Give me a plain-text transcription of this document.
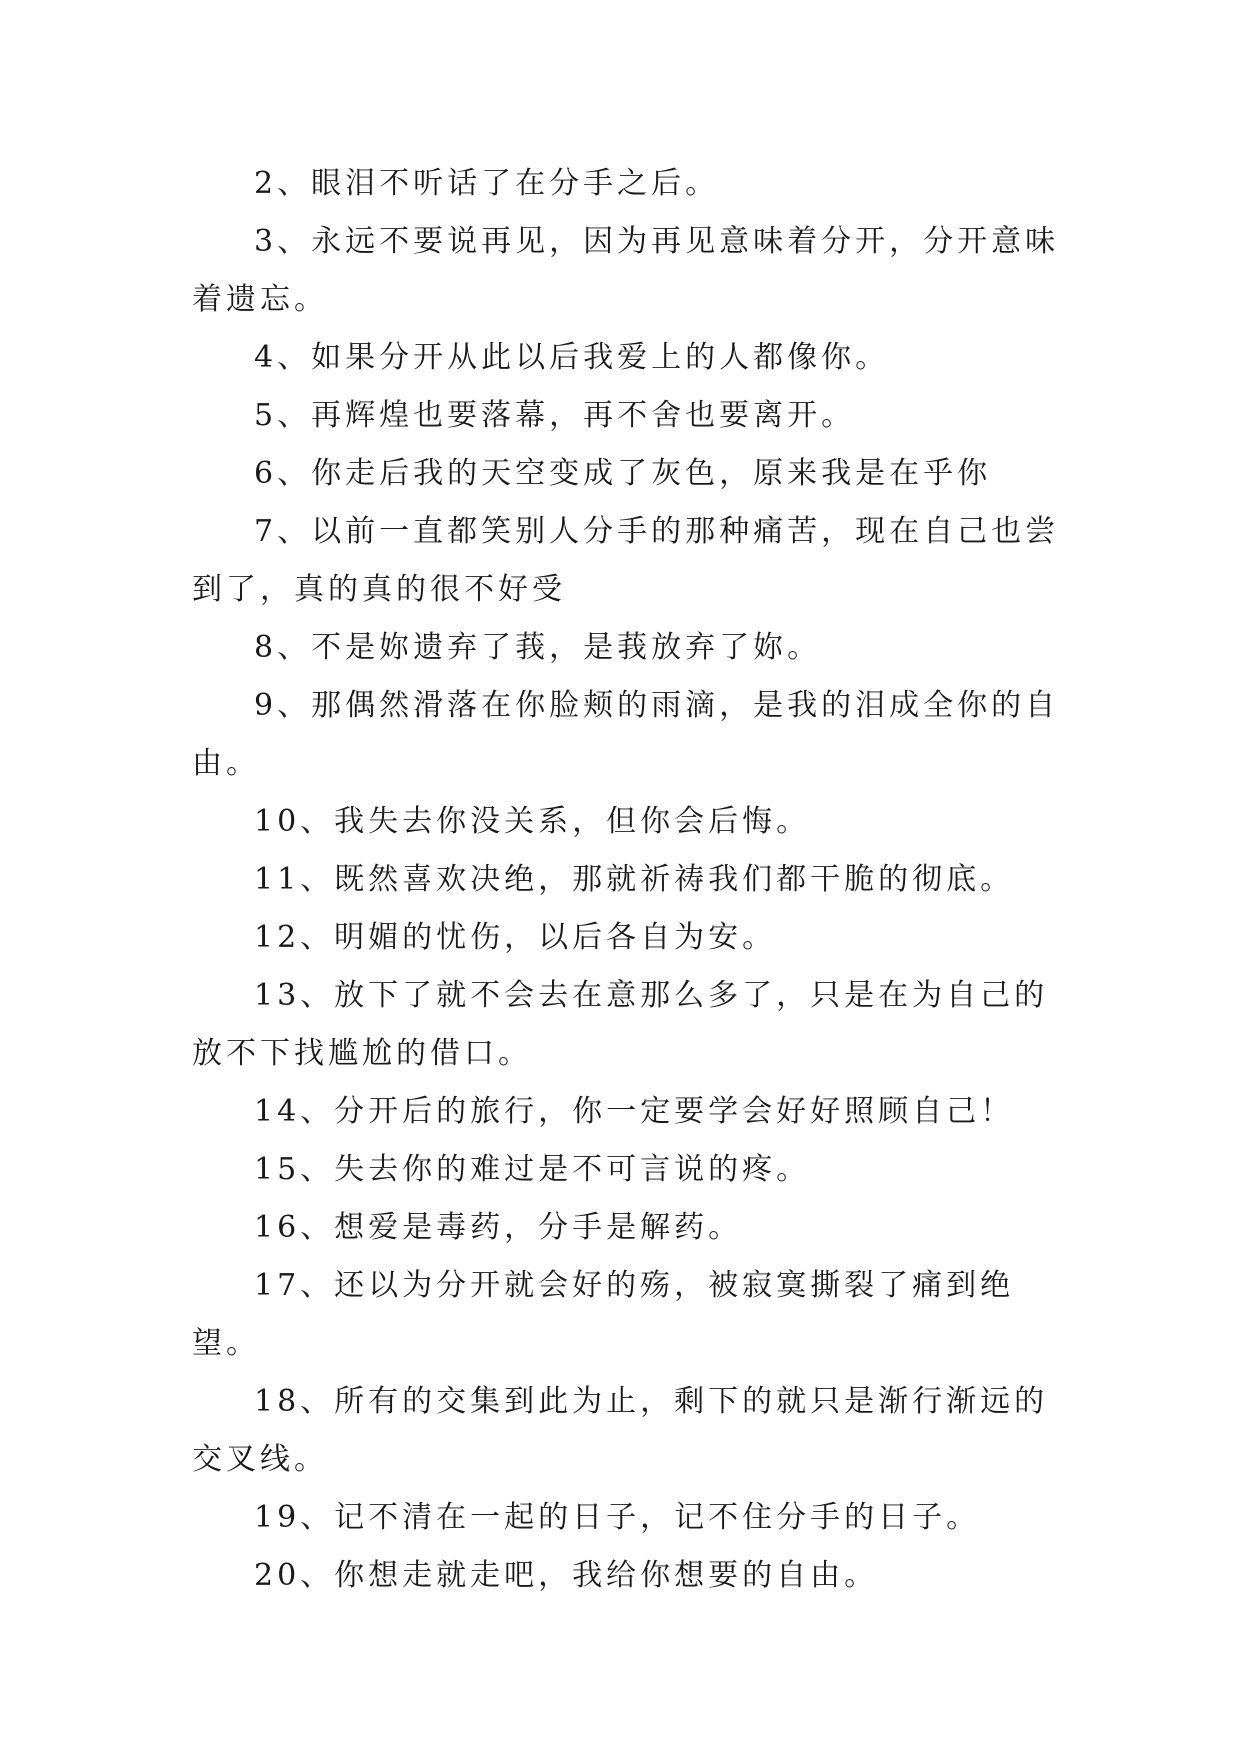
2、眼泪不听话了在分手之后。

3、永远不要说再见，因为再见意味着分开，分开意味着遗忘。

4、如果分开从此以后我爱上的人都像你。

5、再辉煌也要落幕，再不舍也要离开。

6、你走后我的天空变成了灰色，原来我是在乎你

7、以前一直都笑别人分手的那种痛苦，现在自己也尝到了，真的真的很不好受

8、不是妳遗弃了莪，是莪放弃了妳。

9、那偶然滑落在你脸颊的雨滴，是我的泪成全你的自由。

10、我失去你没关系，但你会后悔。

11、既然喜欢决绝，那就祈祷我们都干脆的彻底。

12、明媚的忧伤，以后各自为安。

13、放下了就不会去在意那么多了，只是在为自己的放不下找尴尬的借口。

14、分开后的旅行，你一定要学会好好照顾自己！

15、失去你的难过是不可言说的疼。

16、想爱是毒药，分手是解药。

17、还以为分开就会好的殇，被寂寞撕裂了痛到绝望。

18、所有的交集到此为止，剩下的就只是渐行渐远的交叉线。

19、记不清在一起的日子，记不住分手的日子。

20、你想走就走吧，我给你想要的自由。
